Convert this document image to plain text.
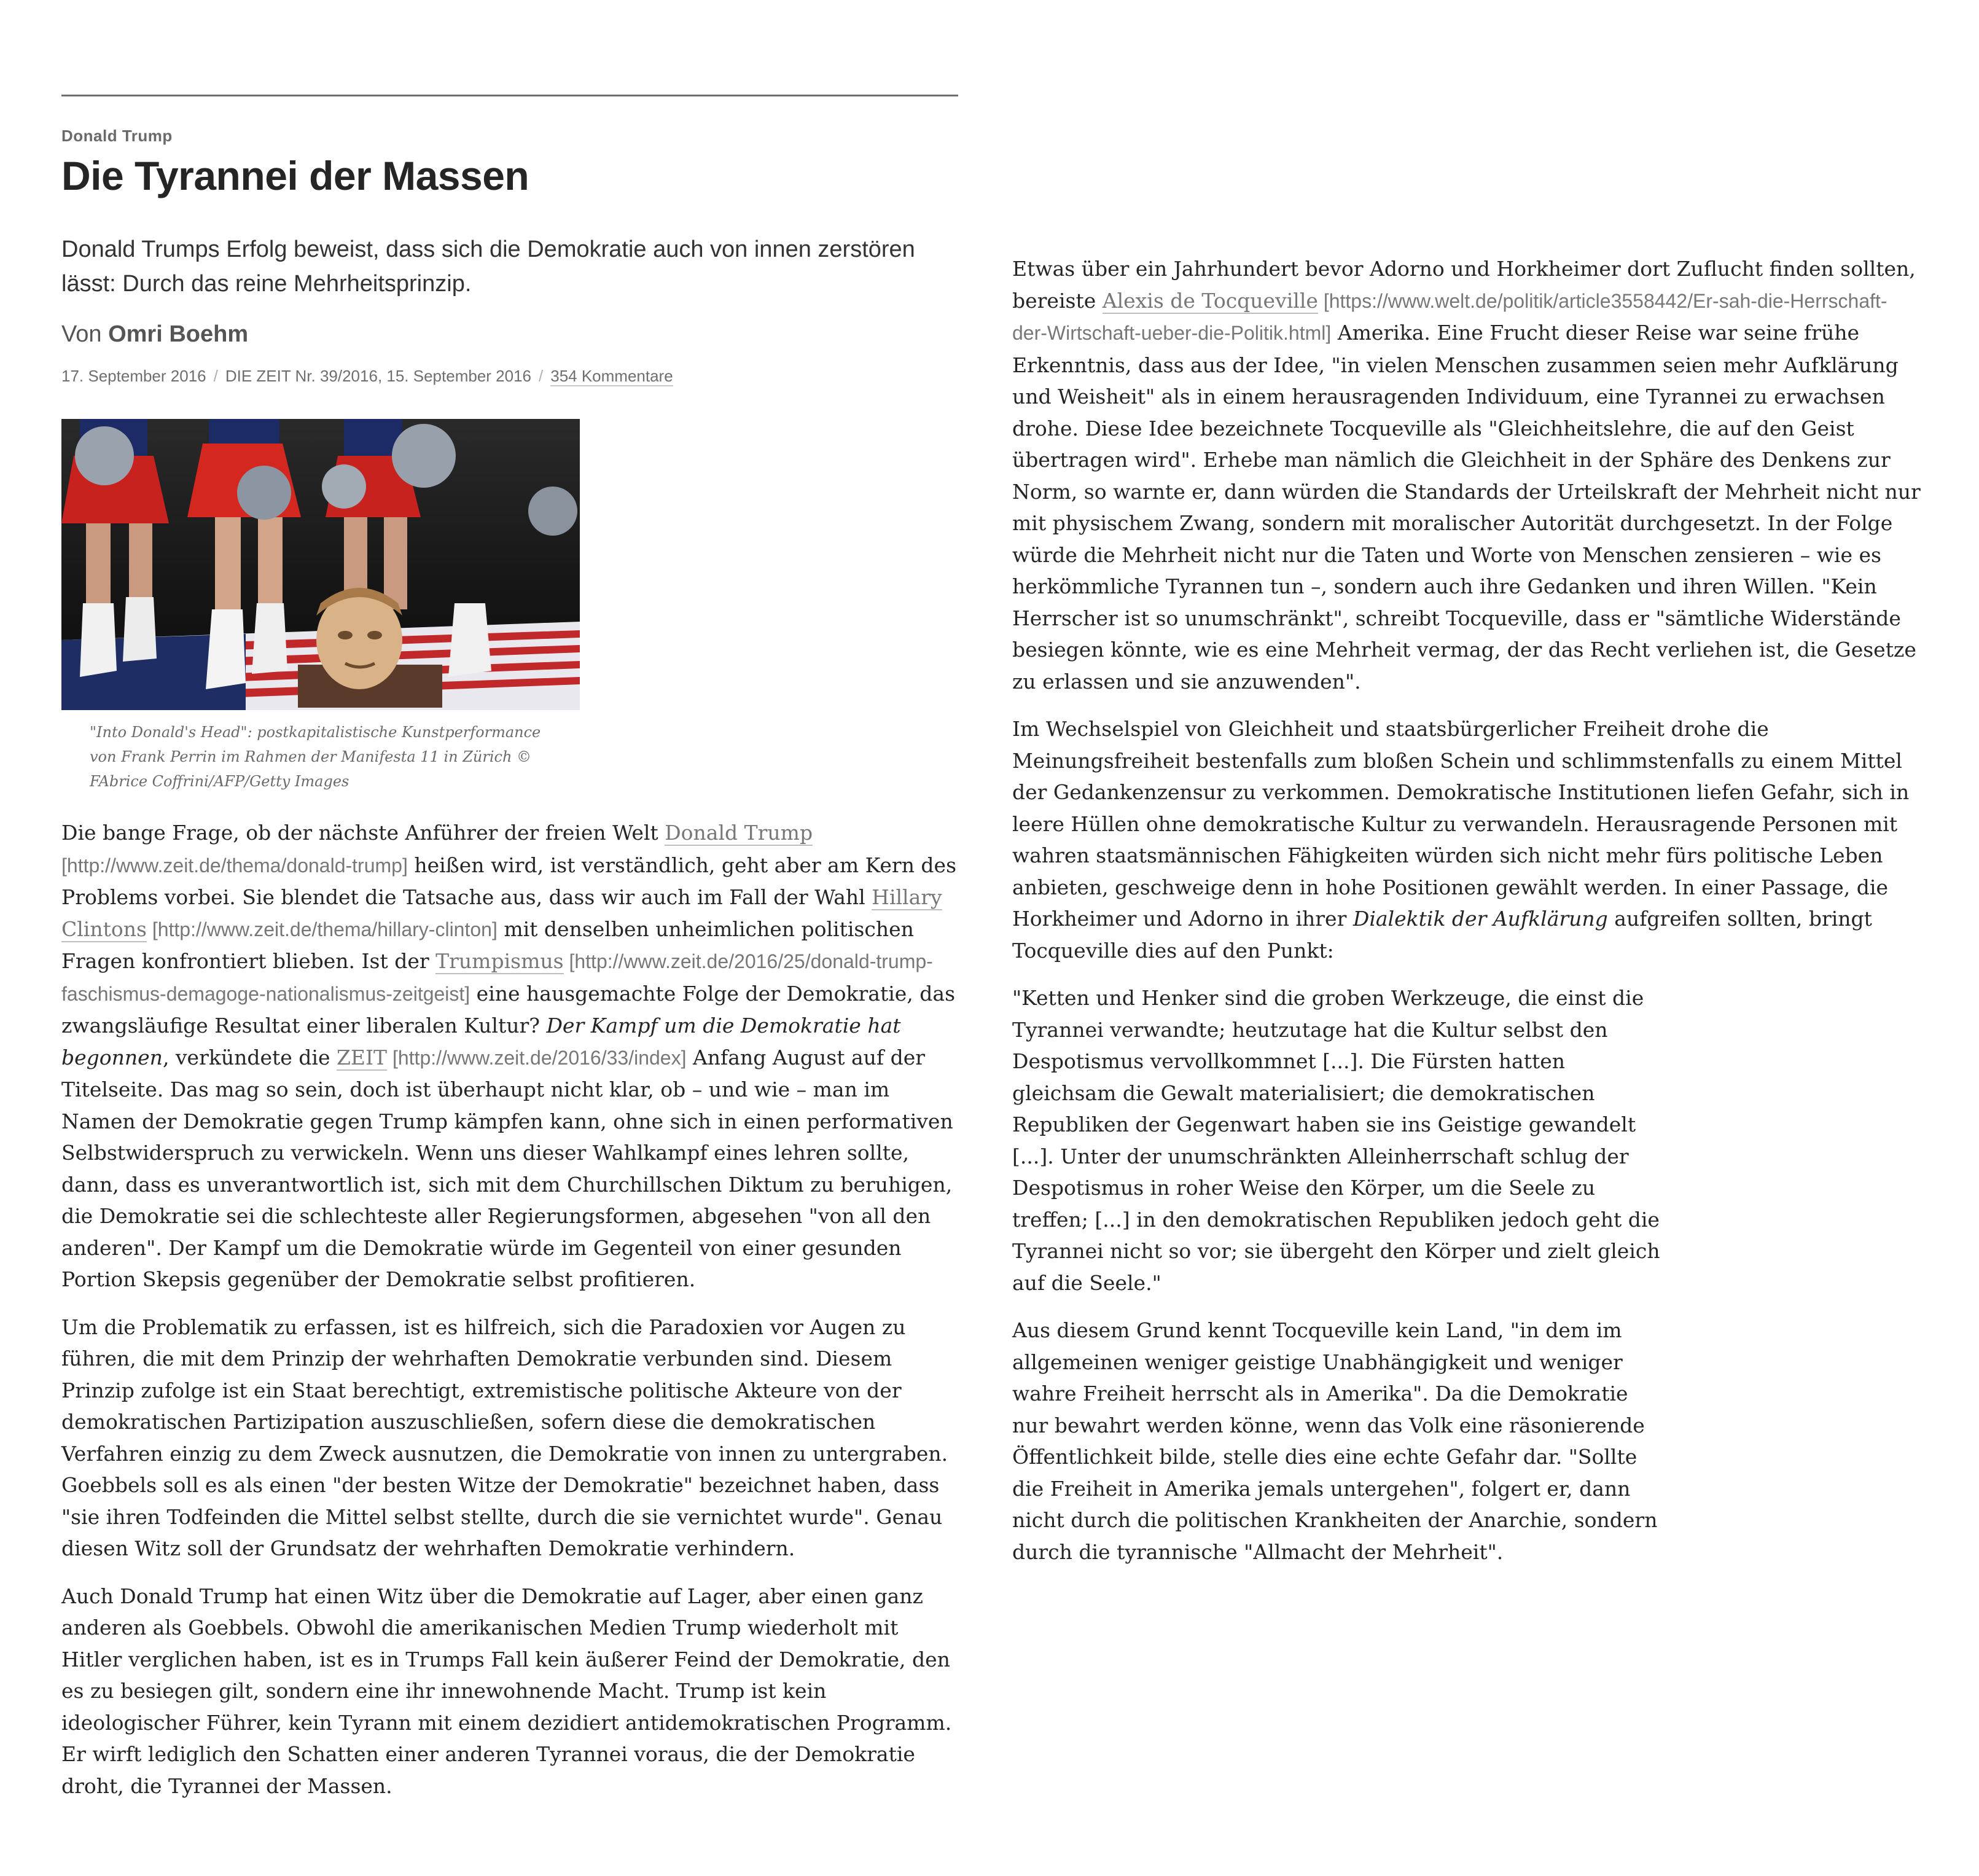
Donald Trump
Die Tyrannei der Massen

Donald Trumps Erfolg beweist, dass sich die Demokratie auch von innen zerstören lässt: Durch das reine Mehrheitsprinzip.

Von Omri Boehm

17. September 2016 / DIE ZEIT Nr. 39/2016, 15. September 2016 / 354 Kommentare

"Into Donald's Head": postkapitalistische Kunstperformance von Frank Perrin im Rahmen der Manifesta 11 in Zürich © FAbrice Coffrini/AFP/Getty Images

Die bange Frage, ob der nächste Anführer der freien Welt Donald Trump [http://www.zeit.de/thema/donald-trump] heißen wird, ist verständlich, geht aber am Kern des Problems vorbei. Sie blendet die Tatsache aus, dass wir auch im Fall der Wahl Hillary Clintons [http://www.zeit.de/thema/hillary-clinton] mit denselben unheimlichen politischen Fragen konfrontiert blieben. Ist der Trumpismus [http://www.zeit.de/2016/25/donald-trump-faschismus-demagoge-nationalismus-zeitgeist] eine hausgemachte Folge der Demokratie, das zwangsläufige Resultat einer liberalen Kultur? Der Kampf um die Demokratie hat begonnen, verkündete die ZEIT [http://www.zeit.de/2016/33/index] Anfang August auf der Titelseite. Das mag so sein, doch ist überhaupt nicht klar, ob – und wie – man im Namen der Demokratie gegen Trump kämpfen kann, ohne sich in einen performativen Selbstwiderspruch zu verwickeln. Wenn uns dieser Wahlkampf eines lehren sollte, dann, dass es unverantwortlich ist, sich mit dem Churchillschen Diktum zu beruhigen, die Demokratie sei die schlechteste aller Regierungsformen, abgesehen "von all den anderen". Der Kampf um die Demokratie würde im Gegenteil von einer gesunden Portion Skepsis gegenüber der Demokratie selbst profitieren.

Um die Problematik zu erfassen, ist es hilfreich, sich die Paradoxien vor Augen zu führen, die mit dem Prinzip der wehrhaften Demokratie verbunden sind. Diesem Prinzip zufolge ist ein Staat berechtigt, extremistische politische Akteure von der demokratischen Partizipation auszuschließen, sofern diese die demokratischen Verfahren einzig zu dem Zweck ausnutzen, die Demokratie von innen zu untergraben. Goebbels soll es als einen "der besten Witze der Demokratie" bezeichnet haben, dass "sie ihren Todfeinden die Mittel selbst stellte, durch die sie vernichtet wurde". Genau diesen Witz soll der Grundsatz der wehrhaften Demokratie verhindern.

Auch Donald Trump hat einen Witz über die Demokratie auf Lager, aber einen ganz anderen als Goebbels. Obwohl die amerikanischen Medien Trump wiederholt mit Hitler verglichen haben, ist es in Trumps Fall kein äußerer Feind der Demokratie, den es zu besiegen gilt, sondern eine ihr innewohnende Macht. Trump ist kein ideologischer Führer, kein Tyrann mit einem dezidiert antidemokratischen Programm. Er wirft lediglich den Schatten einer anderen Tyrannei voraus, die der Demokratie droht, die Tyrannei der Massen.

Etwas über ein Jahrhundert bevor Adorno und Horkheimer dort Zuflucht finden sollten, bereiste Alexis de Tocqueville [https://www.welt.de/politik/article3558442/Er-sah-die-Herrschaft-der-Wirtschaft-ueber-die-Politik.html] Amerika. Eine Frucht dieser Reise war seine frühe Erkenntnis, dass aus der Idee, "in vielen Menschen zusammen seien mehr Aufklärung und Weisheit" als in einem herausragenden Individuum, eine Tyrannei zu erwachsen drohe. Diese Idee bezeichnete Tocqueville als "Gleichheitslehre, die auf den Geist übertragen wird". Erhebe man nämlich die Gleichheit in der Sphäre des Denkens zur Norm, so warnte er, dann würden die Standards der Urteilskraft der Mehrheit nicht nur mit physischem Zwang, sondern mit moralischer Autorität durchgesetzt. In der Folge würde die Mehrheit nicht nur die Taten und Worte von Menschen zensieren – wie es herkömmliche Tyrannen tun –, sondern auch ihre Gedanken und ihren Willen. "Kein Herrscher ist so unumschränkt", schreibt Tocqueville, dass er "sämtliche Widerstände besiegen könnte, wie es eine Mehrheit vermag, der das Recht verliehen ist, die Gesetze zu erlassen und sie anzuwenden".

Im Wechselspiel von Gleichheit und staatsbürgerlicher Freiheit drohe die Meinungsfreiheit bestenfalls zum bloßen Schein und schlimmstenfalls zu einem Mittel der Gedankenzensur zu verkommen. Demokratische Institutionen liefen Gefahr, sich in leere Hüllen ohne demokratische Kultur zu verwandeln. Herausragende Personen mit wahren staatsmännischen Fähigkeiten würden sich nicht mehr fürs politische Leben anbieten, geschweige denn in hohe Positionen gewählt werden. In einer Passage, die Horkheimer und Adorno in ihrer Dialektik der Aufklärung aufgreifen sollten, bringt Tocqueville dies auf den Punkt:

"Ketten und Henker sind die groben Werkzeuge, die einst die Tyrannei verwandte; heutzutage hat die Kultur selbst den Despotismus vervollkommnet [...]. Die Fürsten hatten gleichsam die Gewalt materialisiert; die demokratischen Republiken der Gegenwart haben sie ins Geistige gewandelt [...]. Unter der unumschränkten Alleinherrschaft schlug der Despotismus in roher Weise den Körper, um die Seele zu treffen; [...] in den demokratischen Republiken jedoch geht die Tyrannei nicht so vor; sie übergeht den Körper und zielt gleich auf die Seele."

Aus diesem Grund kennt Tocqueville kein Land, "in dem im allgemeinen weniger geistige Unabhängigkeit und weniger wahre Freiheit herrscht als in Amerika". Da die Demokratie nur bewahrt werden könne, wenn das Volk eine räsonierende Öffentlichkeit bilde, stelle dies eine echte Gefahr dar. "Sollte die Freiheit in Amerika jemals untergehen", folgert er, dann nicht durch die politischen Krankheiten der Anarchie, sondern durch die tyrannische "Allmacht der Mehrheit".
